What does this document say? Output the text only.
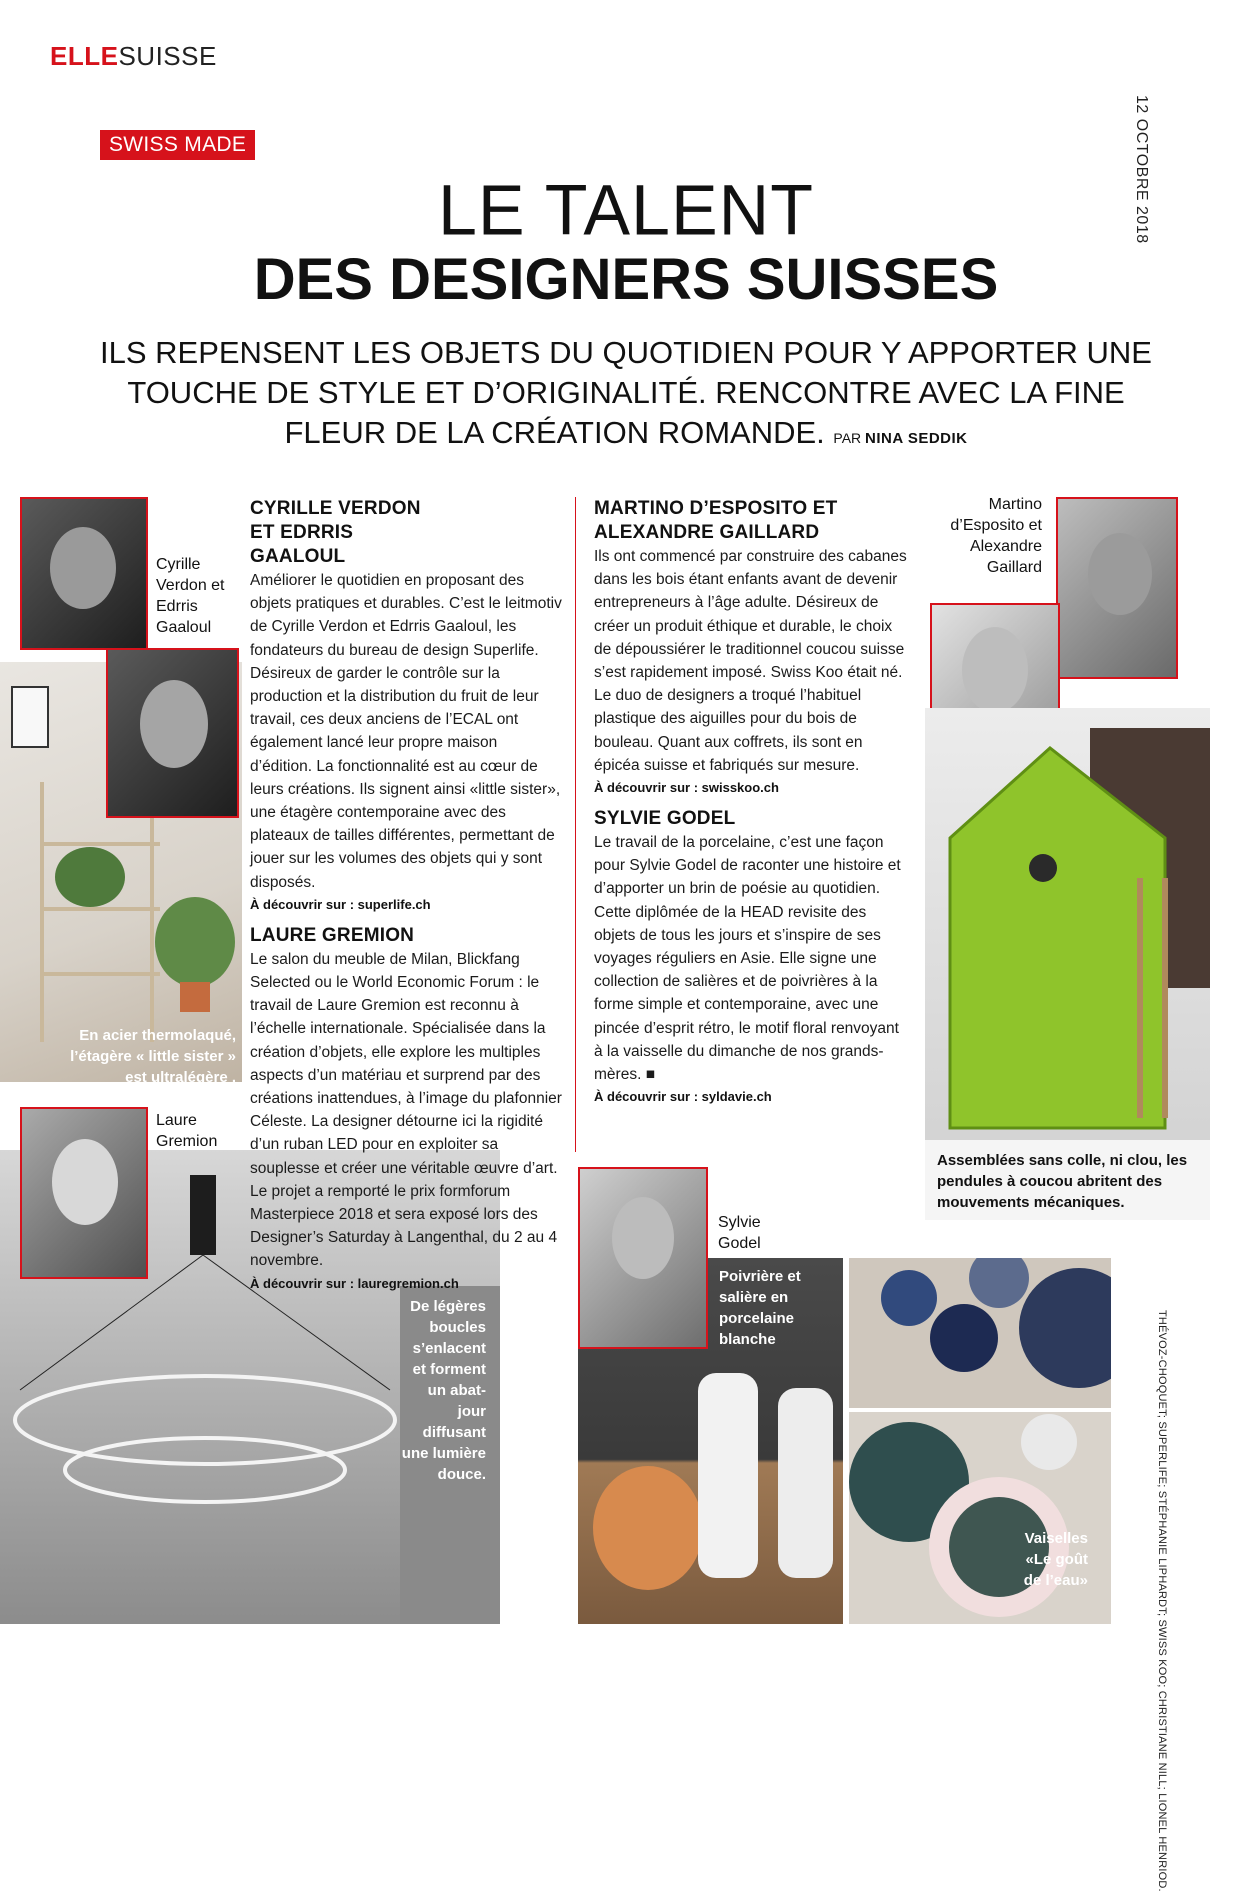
ELLESUISSE
12 OCTOBRE 2018
SWISS MADE
LE TALENT
DES DESIGNERS SUISSES
ILS REPENSENT LES OBJETS DU QUOTIDIEN POUR Y APPORTER UNE TOUCHE DE STYLE ET D’ORIGINALITÉ. RENCONTRE AVEC LA FINE FLEUR DE LA CRÉATION ROMANDE. PAR NINA SEDDIK
En acier thermolaqué, l’étagère « little sister » est ultralégère .
Cyrille Verdon et Edrris Gaaloul
De légères boucles s’enlacent et forment un abat-jour diffusant une lumière douce.
Laure Gremion
CYRILLE VERDON ET EDRRIS GAALOUL
Améliorer le quotidien en proposant des objets pratiques et durables. C’est le leitmotiv de Cyrille Verdon et Edrris Gaaloul, les fondateurs du bureau de design Superlife. Désireux de garder le contrôle sur la production et la distribution du fruit de leur travail, ces deux anciens de l’ECAL ont également lancé leur propre maison d’édition. La fonctionnalité est au cœur de leurs créations. Ils signent ainsi «little sister», une étagère contemporaine avec des plateaux de tailles différentes, permettant de jouer sur les volumes des objets qui y sont disposés.
À découvrir sur : superlife.ch
LAURE GREMION
Le salon du meuble de Milan, Blickfang Selected ou le World Economic Forum : le travail de Laure Gremion est reconnu à l’échelle internationale. Spécialisée dans la création d’objets, elle explore les multiples aspects d’un matériau et surprend par des créations inattendues, à l’image du plafonnier Céleste. La designer détourne ici la rigidité d’un ruban LED pour en exploiter sa souplesse et créer une véritable œuvre d’art. Le projet a remporté le prix formforum Masterpiece 2018 et sera exposé lors des Designer’s Saturday à Langenthal, du 2 au 4 novembre.
À découvrir sur : lauregremion.ch
MARTINO D’ESPOSITO ET ALEXANDRE GAILLARD
Ils ont commencé par construire des cabanes dans les bois étant enfants avant de devenir entrepreneurs à l’âge adulte. Désireux de créer un produit éthique et durable, le choix de dépoussiérer le traditionnel coucou suisse s’est rapidement imposé. Swiss Koo était né. Le duo de designers a troqué l’habituel plastique des aiguilles pour du bois de bouleau. Quant aux coffrets, ils sont en épicéa suisse et fabriqués sur mesure.
À découvrir sur : swisskoo.ch
SYLVIE GODEL
Le travail de la porcelaine, c’est une façon pour Sylvie Godel de raconter une histoire et d’apporter un brin de poésie au quotidien. Cette diplômée de la HEAD revisite des objets de tous les jours et s’inspire de ses voyages réguliers en Asie. Elle signe une collection de salières et de poivrières à la forme simple et contemporaine, avec une pincée d’esprit rétro, le motif floral renvoyant à la vaisselle du dimanche de nos grands-mères. ■
À découvrir sur : syldavie.ch
Martino d’Esposito et Alexandre Gaillard
Assemblées sans colle, ni clou, les pendules à coucou abritent des mouvements mécaniques.
Poivrière et salière en porcelaine blanche
Sylvie Godel
Vaiselles «Le goût de l’eau»	THÉVOZ-CHOQUET; SUPERLIFE; STÉPHANIE LIPHARDT; SWISS KOO; CHRISTIANE NILL; LIONEL HENRIOD.
